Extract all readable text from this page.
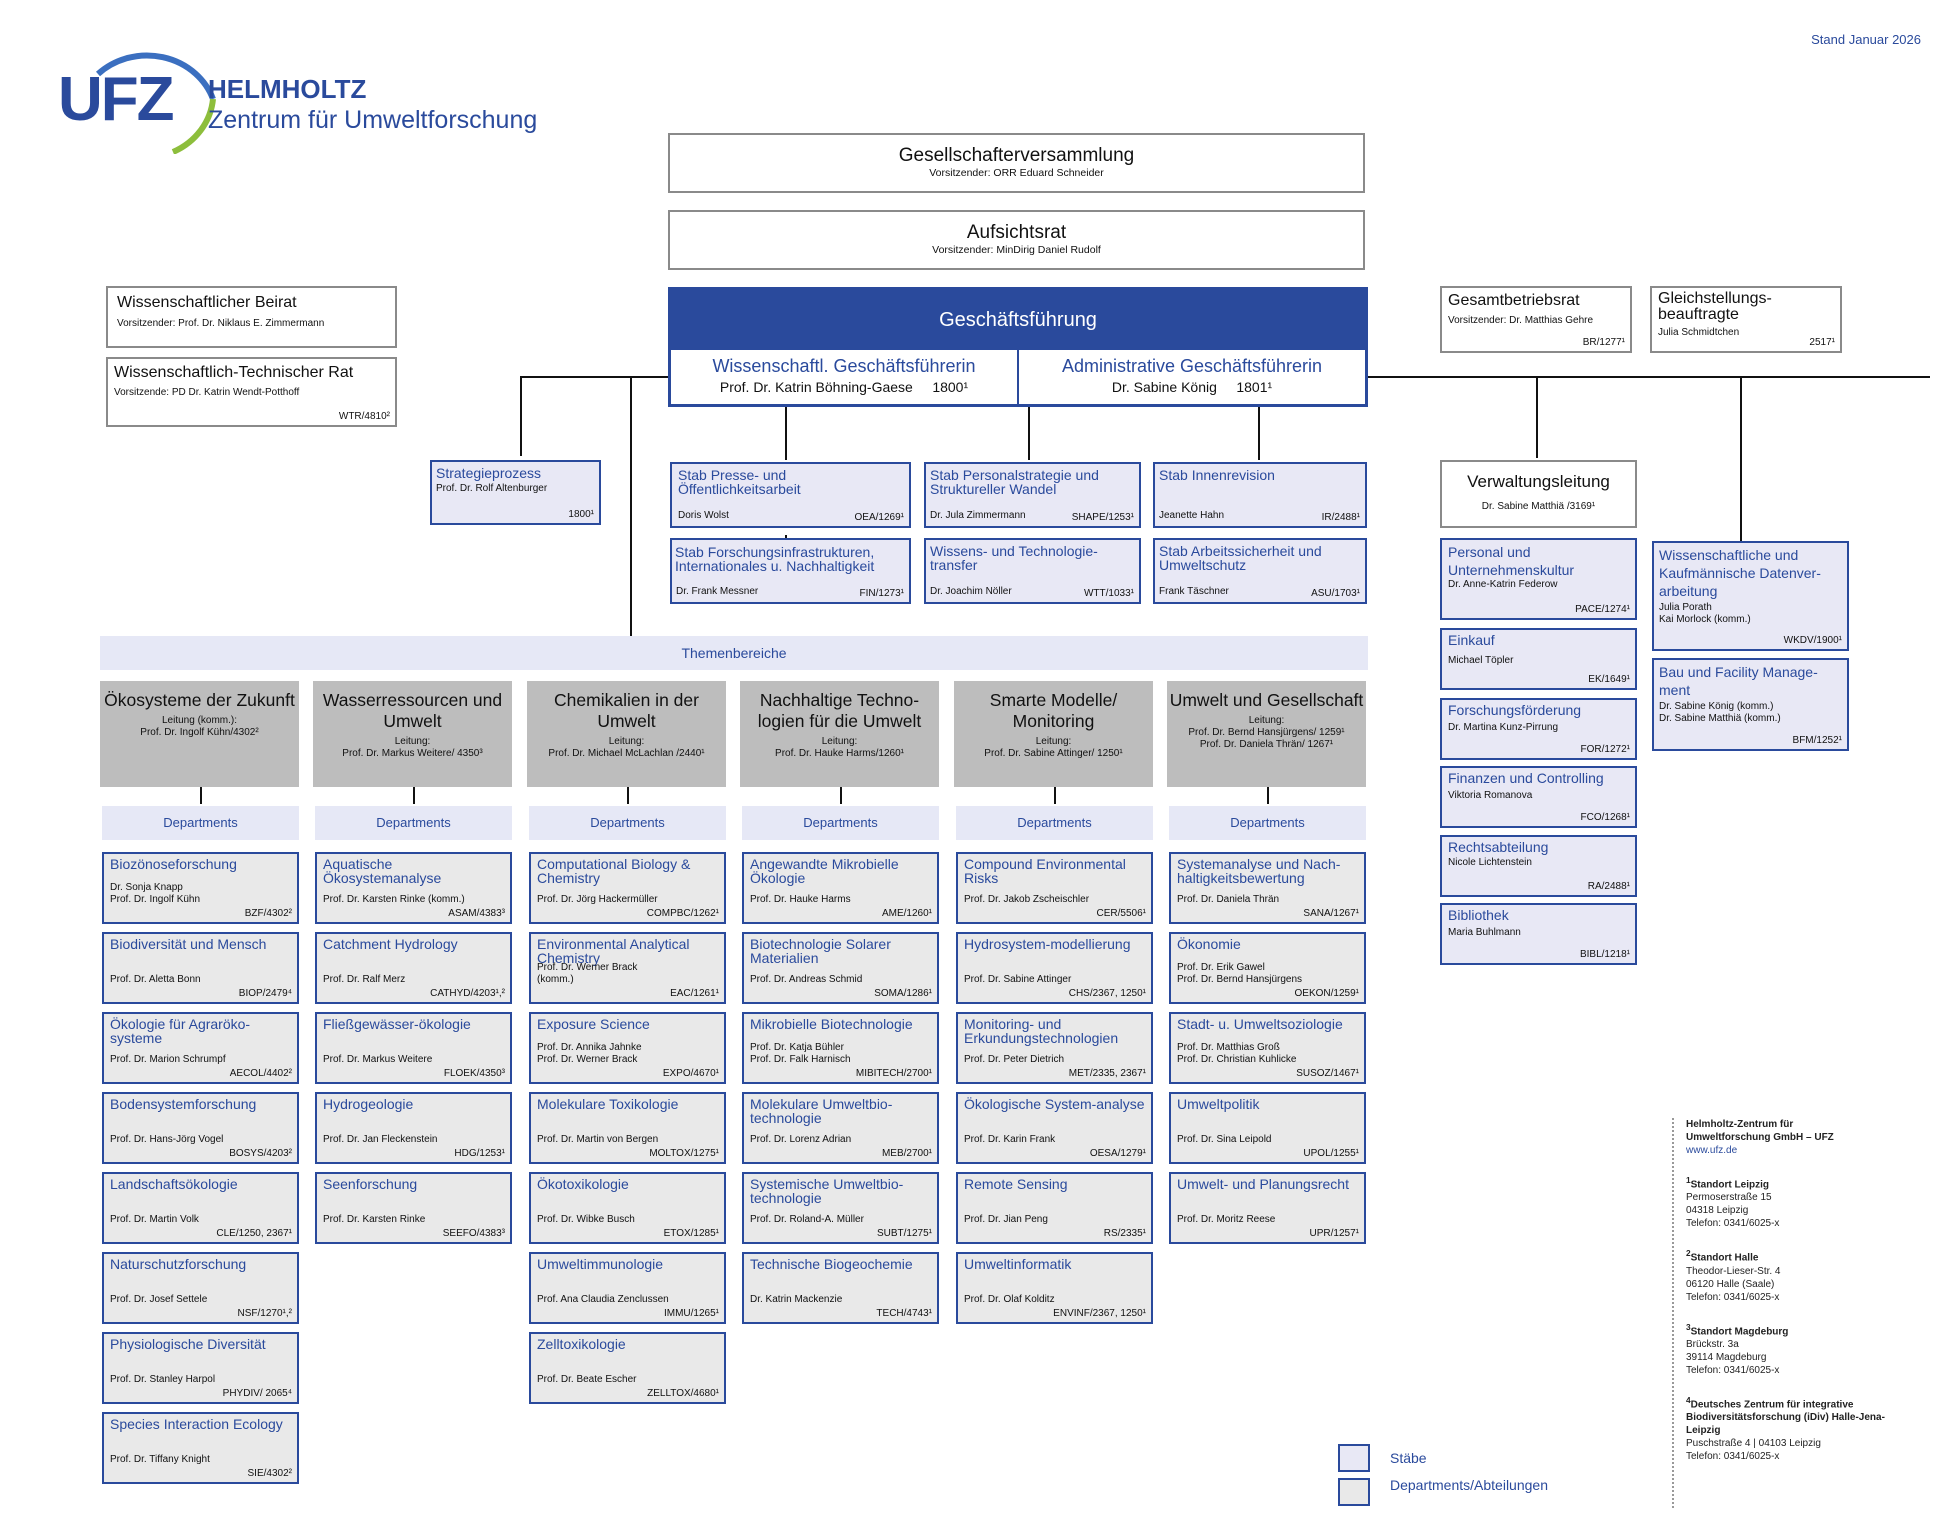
Stand Januar 2026
UFZ HELMHOLTZ
Zentrum für Umweltforschung
Gesellschafterversammlung
Vorsitzender: ORR Eduard Schneider
Aufsichtsrat
Vorsitzender: MinDirig Daniel Rudolf
Wissenschaftlicher Beirat
Vorsitzender: Prof. Dr. Niklaus E. Zimmermann
Wissenschaftlich-Technischer Rat
Vorsitzende: PD Dr. Katrin Wendt-Potthoff
WTR/4810²
Geschäftsführung
Wissenschaftl. Geschäftsführerin
Prof. Dr. Katrin Böhning-Gaese 1800¹
Administrative Geschäftsführerin
Dr. Sabine König 1801¹
Gesamtbetriebsrat
Vorsitzender: Dr. Matthias Gehre
BR/1277¹
Gleichstellungs-
beauftragte
Julia Schmidtchen
2517¹
Strategieprozess
Prof. Dr. Rolf Altenburger
1800¹
Stab Presse- und Öffentlichkeitsarbeit
Doris Wolst	OEA/1269¹
Stab Personalstrategie und Struktureller Wandel
Dr. Jula Zimmermann	SHAPE/1253¹
Stab Innenrevision
Jeanette Hahn	IR/2488¹
Stab Forschungsinfrastrukturen, Internationales u. Nachhaltigkeit
Dr. Frank Messner	FIN/1273¹
Wissens- und Technologie-transfer
Dr. Joachim Nöller	WTT/1033¹
Stab Arbeitssicherheit und Umweltschutz
Frank Täschner	ASU/1703¹
Verwaltungsleitung
Dr. Sabine Matthiä /3169¹
Personal und Unternehmenskultur
Dr. Anne-Katrin Federow
PACE/1274¹
Einkauf
Michael Töpler
EK/1649¹
Forschungsförderung
Dr. Martina Kunz-Pirrung
FOR/1272¹
Finanzen und Controlling
Viktoria Romanova
FCO/1268¹
Rechtsabteilung
Nicole Lichtenstein
RA/2488¹
Bibliothek
Maria Buhlmann
BIBL/1218¹
Wissenschaftliche und Kaufmännische Datenver-arbeitung
Julia Porath
Kai Morlock (komm.)
WKDV/1900¹
Bau und Facility Manage-ment
Dr. Sabine König (komm.)
Dr. Sabine Matthiä (komm.)
BFM/1252¹
Themenbereiche
Ökosysteme der Zukunft
Leitung (komm.):
Prof. Dr. Ingolf Kühn/4302²
Departments
Biozönoseforschung
Dr. Sonja Knapp
Prof. Dr. Ingolf Kühn
BZF/4302²
Biodiversität und Mensch
Prof. Dr. Aletta Bonn
BIOP/2479⁴
Ökologie für Agraröko-systeme
Prof. Dr. Marion Schrumpf
AECOL/4402²
Bodensystemforschung
Prof. Dr. Hans-Jörg Vogel
BOSYS/4203²
Landschaftsökologie
Prof. Dr. Martin Volk
CLE/1250, 2367¹
Naturschutzforschung
Prof. Dr. Josef Settele
NSF/1270¹,²
Physiologische Diversität
Prof. Dr. Stanley Harpol
PHYDIV/ 2065⁴
Species Interaction Ecology
Prof. Dr. Tiffany Knight
SIE/4302²
Wasserressourcen und Umwelt
Leitung:
Prof. Dr. Markus Weitere/ 4350³
Departments
Aquatische Ökosystemanalyse
Prof. Dr. Karsten Rinke (komm.)
ASAM/4383³
Catchment Hydrology
Prof. Dr. Ralf Merz
CATHYD/4203¹,²
Fließgewässer-ökologie
Prof. Dr. Markus Weitere
FLOEK/4350³
Hydrogeologie
Prof. Dr. Jan Fleckenstein
HDG/1253¹
Seenforschung
Prof. Dr. Karsten Rinke
SEEFO/4383³
Chemikalien in der Umwelt
Leitung:
Prof. Dr. Michael McLachlan /2440¹
Departments
Computational Biology & Chemistry
Prof. Dr. Jörg Hackermüller
COMPBC/1262¹
Environmental Analytical Chemistry
Prof. Dr. Werner Brack
(komm.)
EAC/1261¹
Exposure Science
Prof. Dr. Annika Jahnke
Prof. Dr. Werner Brack
EXPO/4670¹
Molekulare Toxikologie
Prof. Dr. Martin von Bergen
MOLTOX/1275¹
Ökotoxikologie
Prof. Dr. Wibke Busch
ETOX/1285¹
Umweltimmunologie
Prof. Ana Claudia Zenclussen
IMMU/1265¹
Zelltoxikologie
Prof. Dr. Beate Escher
ZELLTOX/4680¹
Nachhaltige Techno-logien für die Umwelt
Leitung:
Prof. Dr. Hauke Harms/1260¹
Departments
Angewandte Mikrobielle Ökologie
Prof. Dr. Hauke Harms
AME/1260¹
Biotechnologie Solarer Materialien
Prof. Dr. Andreas Schmid
SOMA/1286¹
Mikrobielle Biotechnologie
Prof. Dr. Katja Bühler
Prof. Dr. Falk Harnisch
MIBITECH/2700¹
Molekulare Umweltbio-technologie
Prof. Dr. Lorenz Adrian
MEB/2700¹
Systemische Umweltbio-technologie
Prof. Dr. Roland-A. Müller
SUBT/1275¹
Technische Biogeochemie
Dr. Katrin Mackenzie
TECH/4743¹
Smarte Modelle/ Monitoring
Leitung:
Prof. Dr. Sabine Attinger/ 1250¹
Departments
Compound Environmental Risks
Prof. Dr. Jakob Zscheischler
CER/5506¹
Hydrosystem-modellierung
Prof. Dr. Sabine Attinger
CHS/2367, 1250¹
Monitoring- und Erkundungstechnologien
Prof. Dr. Peter Dietrich
MET/2335, 2367¹
Ökologische System-analyse
Prof. Dr. Karin Frank
OESA/1279¹
Remote Sensing
Prof. Dr. Jian Peng
RS/2335¹
Umweltinformatik
Prof. Dr. Olaf Kolditz
ENVINF/2367, 1250¹
Umwelt und Gesellschaft
Leitung:
Prof. Dr. Bernd Hansjürgens/ 1259¹
Prof. Dr. Daniela Thrän/ 1267¹
Departments
Systemanalyse und Nach-haltigkeitsbewertung
Prof. Dr. Daniela Thrän
SANA/1267¹
Ökonomie
Prof. Dr. Erik Gawel
Prof. Dr. Bernd Hansjürgens
OEKON/1259¹
Stadt- u. Umweltsoziologie
Prof. Dr. Matthias Groß
Prof. Dr. Christian Kuhlicke
SUSOZ/1467¹
Umweltpolitik
Prof. Dr. Sina Leipold
UPOL/1255¹
Umwelt- und Planungsrecht
Prof. Dr. Moritz Reese
UPR/1257¹
Stäbe
Departments/Abteilungen
Helmholtz-Zentrum für
Umweltforschung GmbH – UFZ
www.ufz.de
$^1$Standort Leipzig
Permoserstraße 15
04318 Leipzig
Telefon: 0341/6025-x
$^2$Standort Halle
Theodor-Lieser-Str. 4
06120 Halle (Saale)
Telefon: 0341/6025-x
$^3$Standort Magdeburg
Brückstr. 3a
39114 Magdeburg
Telefon: 0341/6025-x
$^4$Deutsches Zentrum für integrative Biodiversitätsforschung (iDiv) Halle-Jena-Leipzig
Puschstraße 4 | 04103 Leipzig
Telefon: 0341/6025-x
